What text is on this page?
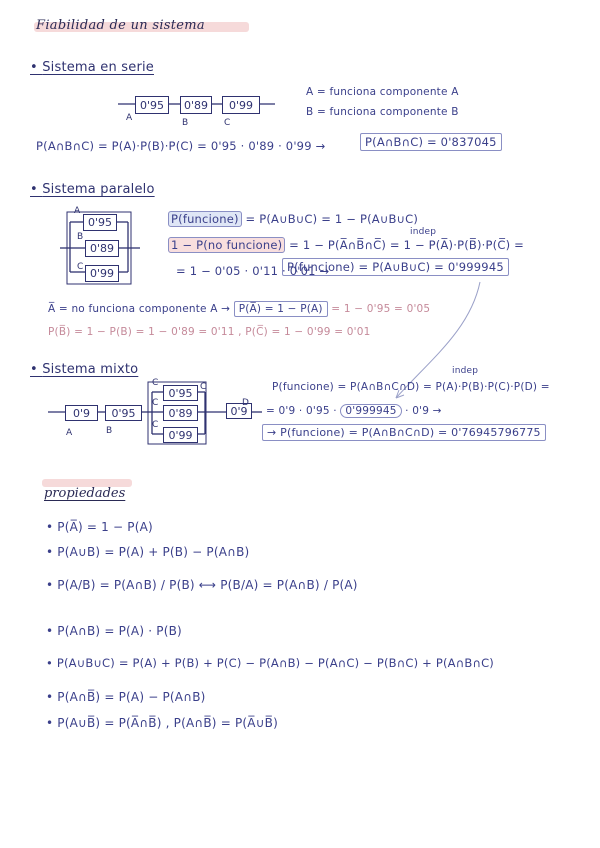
Fiabilidad de un sistema
• Sistema en serie
0'95 0'89 0'99
A	B	C
A = funciona componente A
B = funciona componente B
P(A∩B∩C) = P(A)·P(B)·P(C) = 0'95 · 0'89 · 0'99 →	P(A∩B∩C) = 0'837045
• Sistema paralelo
0'95
0'89
0'99
A
B
C
P(funcione) = P(A∪B∪C) = 1 − P(A∪B∪C)
indep
1 − P(no funcione) = 1 − P(A̅∩B̅∩C̅) = 1 − P(A̅)·P(B̅)·P(C̅) =
= 1 − 0'05 · 0'11 · 0'01 →
P(funcione) = P(A∪B∪C) = 0'999945
A̅ = no funciona componente A → P(A̅) = 1 − P(A) = 1 − 0'95 = 0'05
P(B̅) = 1 − P(B) = 1 − 0'89 = 0'11 , P(C̅) = 1 − 0'99 = 0'01
• Sistema mixto
0'9 0'95
0'95
0'89
0'99
0'9
A	B
C
C
C
C
D
indep
P(funcione) = P(A∩B∩C∩D) = P(A)·P(B)·P(C)·P(D) =
= 0'9 · 0'95 · 0'999945 · 0'9 →
→ P(funcione) = P(A∩B∩C∩D) = 0'76945796775
propiedades
• P(A̅) = 1 − P(A)
• P(A∪B) = P(A) + P(B) − P(A∩B)
• P(A/B) = P(A∩B) / P(B) ⟷ P(B/A) = P(A∩B) / P(A)
• P(A∩B) = P(A) · P(B)
• P(A∪B∪C) = P(A) + P(B) + P(C) − P(A∩B) − P(A∩C) − P(B∩C) + P(A∩B∩C)
• P(A∩B̅) = P(A) − P(A∩B)
• P(A∪B̅) = P(A̅∩B̅) , P(A∩B̅) = P(A̅∪B̅)
